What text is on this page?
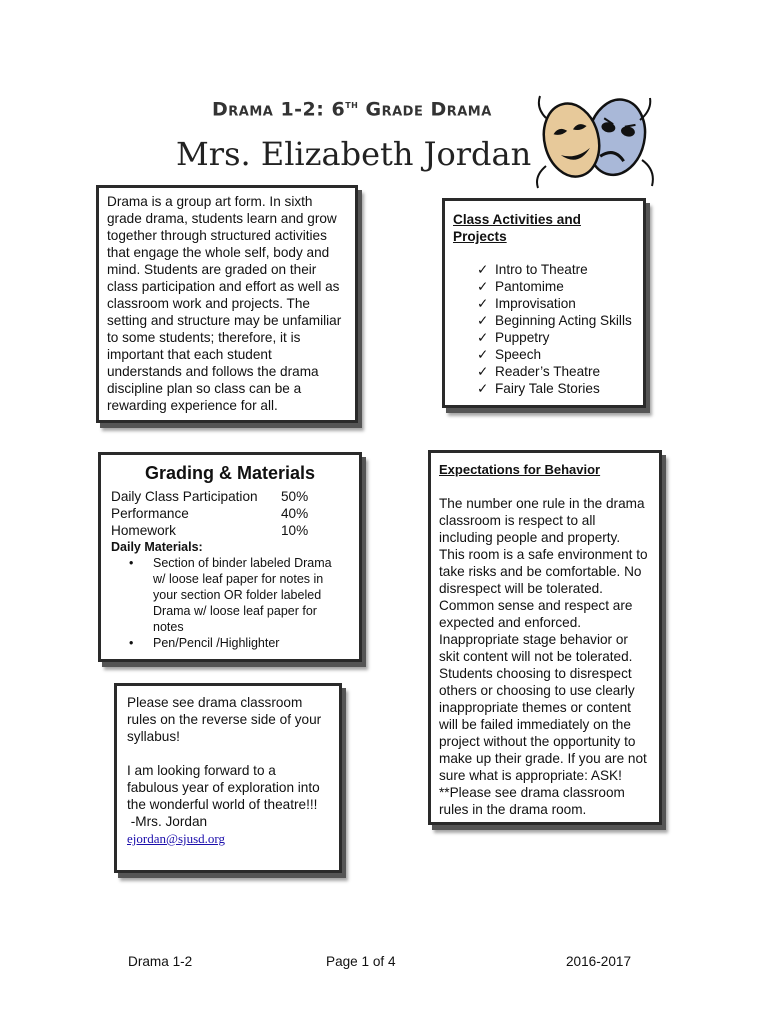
Drama 1-2: 6th Grade Drama
Mrs. Elizabeth Jordan

Drama is a group art form. In sixth

grade drama, students learn and grow

together through structured activities

that engage the whole self, body and

mind. Students are graded on their

class participation and effort as well as

classroom work and projects. The

setting and structure may be unfamiliar

to some students; therefore, it is

important that each student

understands and follows the drama

discipline plan so class can be a

rewarding experience for all.

Class Activities and
Projects
✓ Intro to Theatre
✓ Pantomime
✓ Improvisation
✓ Beginning Acting Skills
✓ Puppetry
✓ Speech
✓ Reader’s Theatre
✓ Fairy Tale Stories
Grading & Materials
Daily Class Participation	50%
Performance	40%
Homework	10%
Daily Materials:
•	Section of binder labeled Drama
w/ loose leaf paper for notes in
your section OR folder labeled
Drama w/ loose leaf paper for
notes
•	Pen/Pencil /Highlighter

Please see drama classroom

rules on the reverse side of your

syllabus!

I am looking forward to a

fabulous year of exploration into

the wonderful world of theatre!!!

-Mrs. Jordan

ejordan@sjusd.org
Expectations for Behavior

The number one rule in the drama

classroom is respect to all

including people and property.

This room is a safe environment to

take risks and be comfortable. No

disrespect will be tolerated.

Common sense and respect are

expected and enforced.

Inappropriate stage behavior or

skit content will not be tolerated.

Students choosing to disrespect

others or choosing to use clearly

inappropriate themes or content

will be failed immediately on the

project without the opportunity to

make up their grade. If you are not

sure what is appropriate: ASK!

**Please see drama classroom

rules in the drama room.

Drama 1-2	Page 1 of 4	2016-2017
